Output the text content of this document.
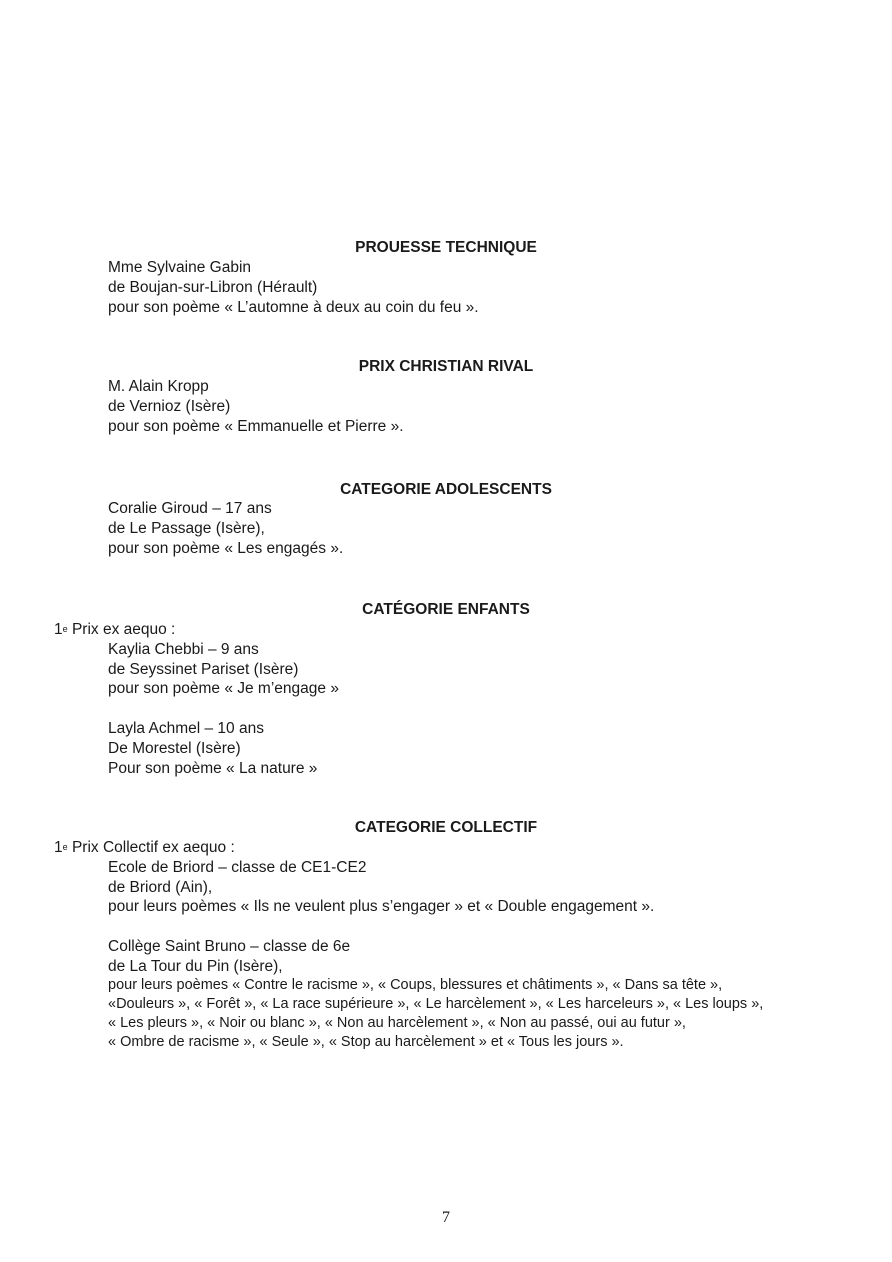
PROUESSE TECHNIQUE
Mme Sylvaine Gabin
de Boujan-sur-Libron (Hérault)
pour son poème « L’automne à deux au coin du feu ».
PRIX CHRISTIAN RIVAL
M. Alain Kropp
de Vernioz (Isère)
pour son poème « Emmanuelle et Pierre ».
CATEGORIE ADOLESCENTS
Coralie Giroud – 17 ans
de Le Passage (Isère),
pour son poème « Les engagés ».
CATÉGORIE ENFANTS
1e Prix ex aequo :
Kaylia Chebbi – 9 ans
de Seyssinet Pariset (Isère)
pour son poème « Je m’engage »
Layla Achmel – 10 ans
De Morestel (Isère)
Pour son poème « La nature »
CATEGORIE COLLECTIF
1e Prix Collectif ex aequo :
Ecole de Briord – classe de CE1-CE2
de Briord (Ain),
pour leurs poèmes « Ils ne veulent plus s’engager » et « Double engagement ».
Collège Saint Bruno – classe de 6e
de La Tour du Pin (Isère),
pour leurs poèmes « Contre le racisme », « Coups, blessures et châtiments », « Dans sa tête »,
«Douleurs », « Forêt », « La race supérieure », « Le harcèlement », « Les harceleurs », « Les loups »,
« Les pleurs », « Noir ou blanc », « Non au harcèlement », « Non au passé, oui au futur »,
« Ombre de racisme », « Seule », « Stop au harcèlement » et « Tous les jours ».
7
